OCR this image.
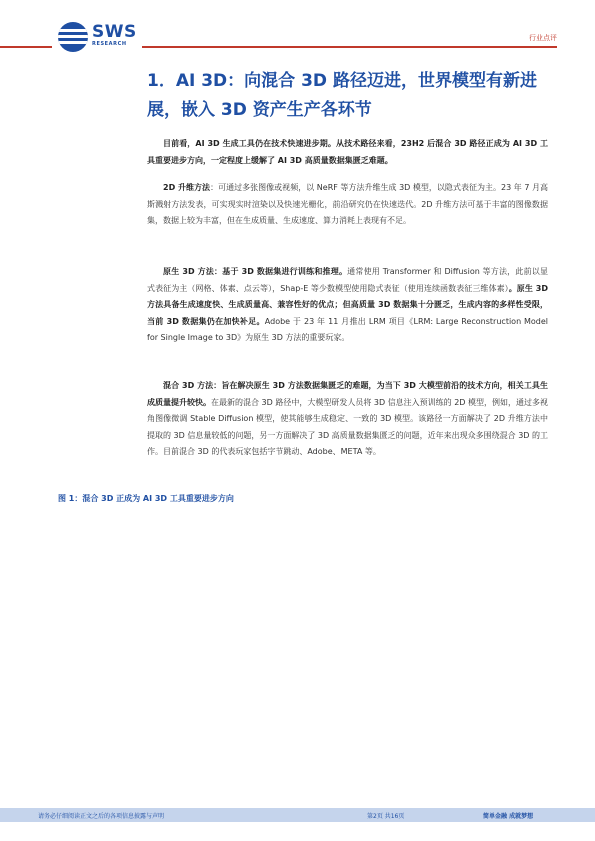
SWS
RESEARCH
行业点评
1．AI 3D：向混合 3D 路径迈进，世界模型有新进展，嵌入 3D 资产生产各环节

目前看，AI 3D 生成工具仍在技术快速进步期。从技术路径来看，23H2 后混合 3D 路径正成为 AI 3D 工具重要进步方向，一定程度上缓解了 AI 3D 高质量数据集匮乏难题。

2D 升维方法：可通过多张图像或视频，以 NeRF 等方法升维生成 3D 模型，以隐式表征为主。23 年 7 月高斯溅射方法发表，可实现实时渲染以及快速光栅化，前沿研究仍在快速迭代。2D 升维方法可基于丰富的图像数据集，数据上较为丰富，但在生成质量、生成速度、算力消耗上表现有不足。

原生 3D 方法：基于 3D 数据集进行训练和推理。通常使用 Transformer 和 Diffusion 等方法，此前以显式表征为主（网格、体素、点云等），Shap-E 等少数模型使用隐式表征（使用连续函数表征三维体素）。原生 3D 方法具备生成速度快、生成质量高、兼容性好的优点；但高质量 3D 数据集十分匮乏，生成内容的多样性受限，当前 3D 数据集仍在加快补足。Adobe 于 23 年 11 月推出 LRM 项目《LRM: Large Reconstruction Model for Single Image to 3D》为原生 3D 方法的重要玩家。

混合 3D 方法：旨在解决原生 3D 方法数据集匮乏的难题，为当下 3D 大模型前沿的技术方向，相关工具生成质量提升较快。在最新的混合 3D 路径中，大模型研发人员将 3D 信息注入预训练的 2D 模型，例如，通过多视角图像微调 Stable Diffusion 模型，使其能够生成稳定、一致的 3D 模型。该路径一方面解决了 2D 升维方法中提取的 3D 信息量较低的问题，另一方面解决了 3D 高质量数据集匮乏的问题，近年来出现众多围绕混合 3D 的工作。目前混合 3D 的代表玩家包括字节跳动、Adobe、META 等。

图 1：混合 3D 正成为 AI 3D 工具重要进步方向

请务必仔细阅读正文之后的各项信息披露与声明	第2页 共16页	简单金融 成就梦想
